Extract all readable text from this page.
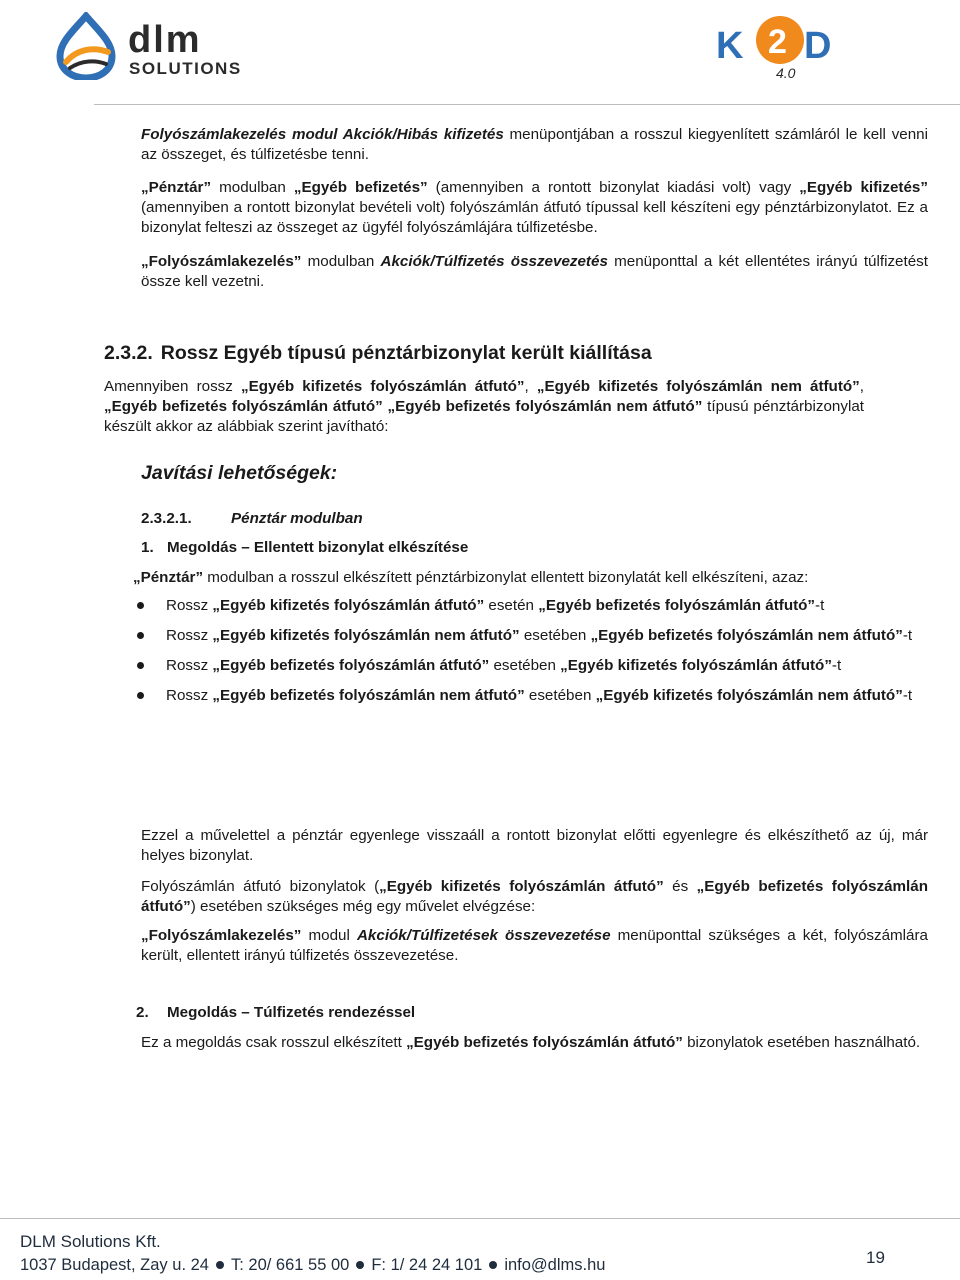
dlm
SOLUTIONS
K 2 D
4.0
Folyószámlakezelés modul Akciók/Hibás kifizetés menüpontjában a rosszul kiegyenlített számláról le kell venni az összeget, és túlfizetésbe tenni.
„Pénztár” modulban „Egyéb befizetés” (amennyiben a rontott bizonylat kiadási volt) vagy „Egyéb kifizetés” (amennyiben a rontott bizonylat bevételi volt) folyószámlán átfutó típussal kell készíteni egy pénztárbizonylatot. Ez a bizonylat felteszi az összeget az ügyfél folyószámlájára túlfizetésbe.
„Folyószámlakezelés” modulban Akciók/Túlfizetés összevezetés menüponttal a két ellentétes irányú túlfizetést össze kell vezetni.
2.3.2. Rossz Egyéb típusú pénztárbizonylat került kiállítása
Amennyiben rossz „Egyéb kifizetés folyószámlán átfutó”, „Egyéb kifizetés folyószámlán nem átfutó”, „Egyéb befizetés folyószámlán átfutó” „Egyéb befizetés folyószámlán nem átfutó” típusú pénztárbizonylat készült akkor az alábbiak szerint javítható:
Javítási lehetőségek:
2.3.2.1.	Pénztár modulban
1. Megoldás – Ellentett bizonylat elkészítése
„Pénztár” modulban a rosszul elkészített pénztárbizonylat ellentett bizonylatát kell elkészíteni, azaz:
Rossz „Egyéb kifizetés folyószámlán átfutó” esetén „Egyéb befizetés folyószámlán átfutó”-t
Rossz „Egyéb kifizetés folyószámlán nem átfutó” esetében „Egyéb befizetés folyószámlán nem átfutó”-t
Rossz „Egyéb befizetés folyószámlán átfutó” esetében „Egyéb kifizetés folyószámlán átfutó”-t
Rossz „Egyéb befizetés folyószámlán nem átfutó” esetében „Egyéb kifizetés folyószámlán nem átfutó”-t
Ezzel a művelettel a pénztár egyenlege visszaáll a rontott bizonylat előtti egyenlegre és elkészíthető az új, már helyes bizonylat.
Folyószámlán átfutó bizonylatok („Egyéb kifizetés folyószámlán átfutó” és „Egyéb befizetés folyószámlán átfutó”) esetében szükséges még egy művelet elvégzése:
„Folyószámlakezelés” modul Akciók/Túlfizetések összevezetése menüponttal szükséges a két, folyószámlára került, ellentett irányú túlfizetés összevezetése.
2. Megoldás – Túlfizetés rendezéssel
Ez a megoldás csak rosszul elkészített „Egyéb befizetés folyószámlán átfutó” bizonylatok esetében használható.
DLM Solutions Kft.
1037 Budapest, Zay u. 24 T: 20/ 661 55 00 F: 1/ 24 24 101 info@dlms.hu	19
